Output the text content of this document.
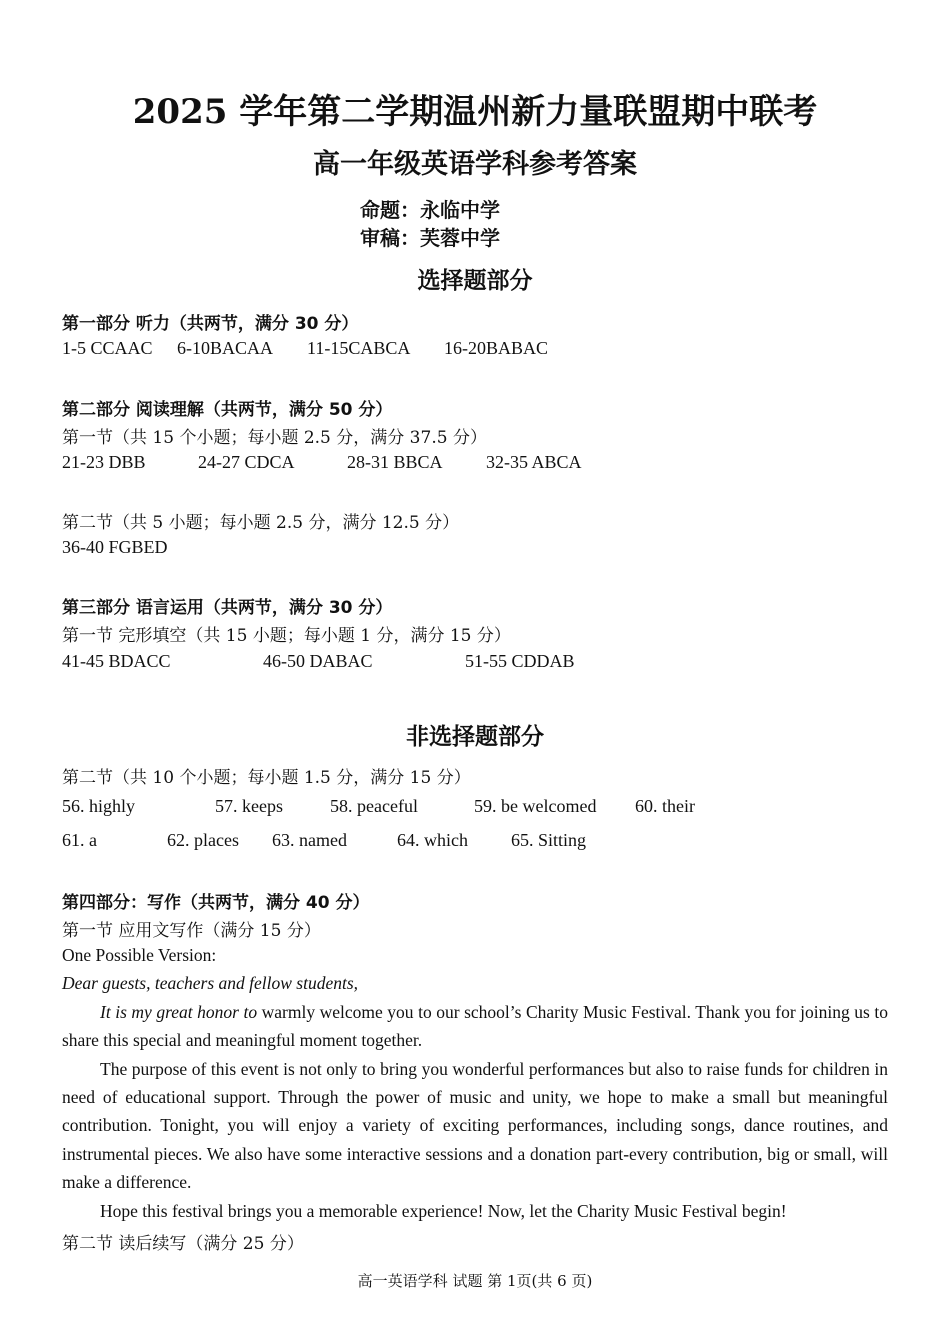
2025 学年第二学期温州新力量联盟期中联考
高一年级英语学科参考答案
命题：永临中学
审稿：芙蓉中学
选择题部分
第一部分 听力（共两节，满分 30 分）
1-5 CCAAC 6-10BACAA 11-15CABCA 16-20BABAC
第二部分 阅读理解（共两节，满分 50 分）
第一节（共 15 个小题；每小题 2.5 分，满分 37.5 分）
21-23 DBB	24-27 CDCA	28-31 BBCA 32-35 ABCA
第二节（共 5 小题；每小题 2.5 分，满分 12.5 分）
36-40 FGBED
第三部分 语言运用（共两节，满分 30 分）
第一节 完形填空（共 15 小题；每小题 1 分，满分 15 分）
41-45 BDACC	46-50 DABAC	51-55 CDDAB
非选择题部分
第二节（共 10 个小题；每小题 1.5 分，满分 15 分）
56. highly	57. keeps	58. peaceful	59. be welcomed 60. their
61. a	62. places 63. named	64. which 65. Sitting
第四部分：写作（共两节，满分 40 分）
第一节 应用文写作（满分 15 分）

One Possible Version:

Dear guests, teachers and fellow students,

It is my great honor to warmly welcome you to our school’s Charity Music Festival. Thank you for joining us to share this special and meaningful moment together.

The purpose of this event is not only to bring you wonderful performances but also to raise funds for children in need of educational support. Through the power of music and unity, we hope to make a small but meaningful contribution. Tonight, you will enjoy a variety of exciting performances, including songs, dance routines, and instrumental pieces. We also have some interactive sessions and a donation part-every contribution, big or small, will make a difference.

Hope this festival brings you a memorable experience! Now, let the Charity Music Festival begin!

第二节 读后续写（满分 25 分）
高一英语学科 试题 第 1页(共 6 页)
